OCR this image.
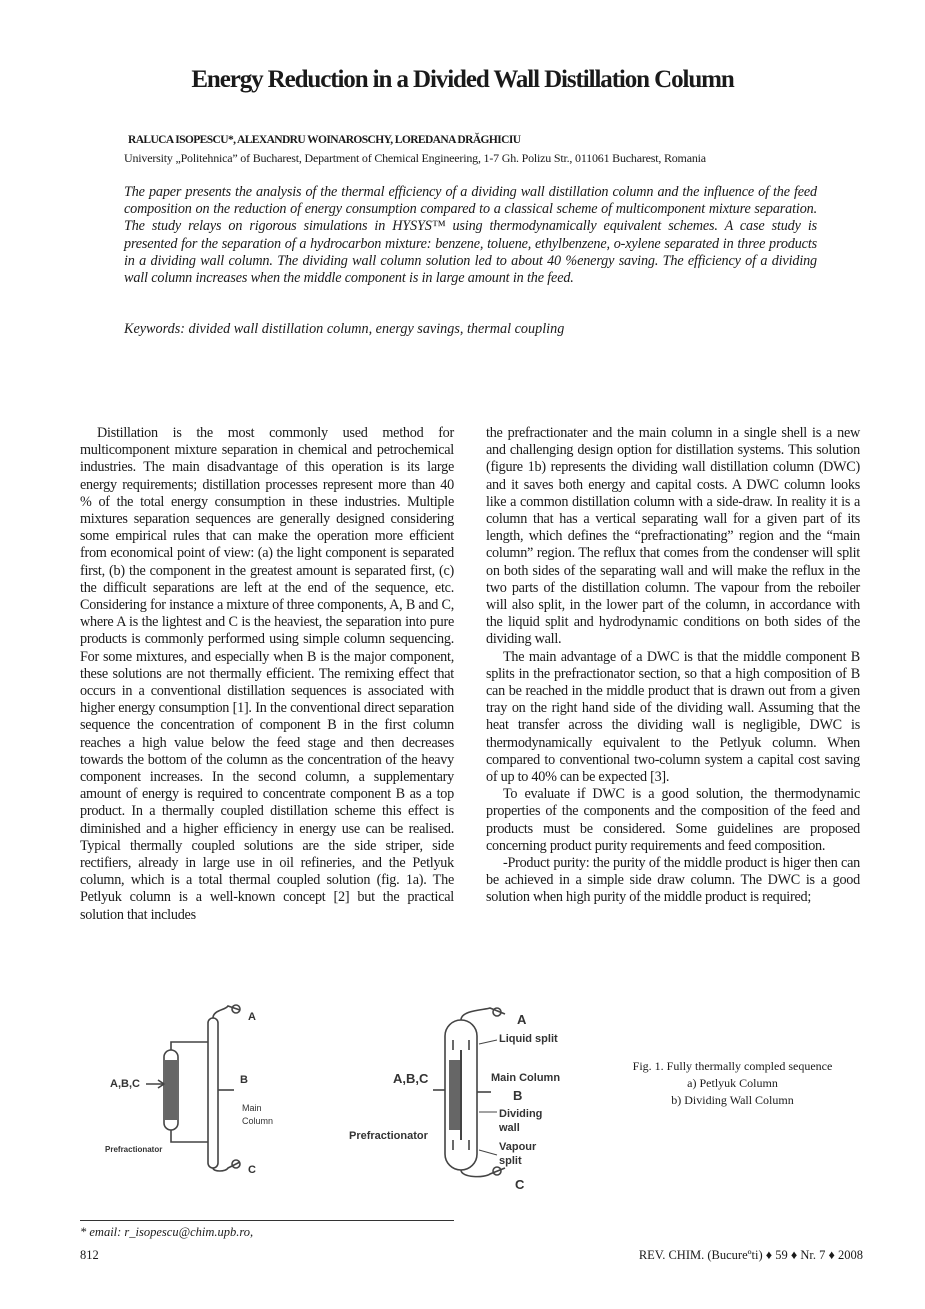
Energy Reduction in a Divided Wall Distillation Column
RALUCA ISOPESCU*, ALEXANDRU WOINAROSCHY, LOREDANA DRĂGHICIU
University „Politehnica” of Bucharest, Department of Chemical Engineering, 1-7 Gh. Polizu Str., 011061 Bucharest, Romania

The paper presents the analysis of the thermal efficiency of a dividing wall distillation column and the influence of the feed composition on the reduction of energy consumption compared to a classical scheme of multicomponent mixture separation. The study relays on rigorous simulations in HYSYS™ using thermodynamically equivalent schemes. A case study is presented for the separation of a hydrocarbon mixture: benzene, toluene, ethylbenzene, o-xylene separated in three products in a dividing wall column. The dividing wall column solution led to about 40 %energy saving. The efficiency of a dividing wall column increases when the middle component is in large amount in the feed.

Keywords: divided wall distillation column, energy savings, thermal coupling

Distillation is the most commonly used method for multicomponent mixture separation in chemical and petrochemical industries. The main disadvantage of this operation is its large energy requirements; distillation processes represent more than 40 % of the total energy consumption in these industries. Multiple mixtures separation sequences are generally designed considering some empirical rules that can make the operation more efficient from economical point of view: (a) the light component is separated first, (b) the component in the greatest amount is separated first, (c) the difficult separations are left at the end of the sequence, etc. Considering for instance a mixture of three components, A, B and C, where A is the lightest and C is the heaviest, the separation into pure products is commonly performed using simple column sequencing. For some mixtures, and especially when B is the major component, these solutions are not thermally efficient. The remixing effect that occurs in a conventional distillation sequences is associated with higher energy consumption [1]. In the conventional direct separation sequence the concentration of component B in the first column reaches a high value below the feed stage and then decreases towards the bottom of the column as the concentration of the heavy component increases. In the second column, a supplementary amount of energy is required to concentrate component B as a top product. In a thermally coupled distillation scheme this effect is diminished and a higher efficiency in energy use can be realised. Typical thermally coupled solutions are the side striper, side rectifiers, already in large use in oil refineries, and the Petlyuk column, which is a total thermal coupled solution (fig. 1a). The Petlyuk column is a well-known concept [2] but the practical solution that includes

the prefractionater and the main column in a single shell is a new and challenging design option for distillation systems. This solution (figure 1b) represents the dividing wall distillation column (DWC) and it saves both energy and capital costs. A DWC column looks like a common distillation column with a side-draw. In reality it is a column that has a vertical separating wall for a given part of its length, which defines the “prefractionating” region and the “main column” region. The reflux that comes from the condenser will split on both sides of the separating wall and will make the reflux in the two parts of the distillation column. The vapour from the reboiler will also split, in the lower part of the column, in accordance with the liquid split and hydrodynamic conditions on both sides of the dividing wall.

The main advantage of a DWC is that the middle component B splits in the prefractionator section, so that a high composition of B can be reached in the middle product that is drawn out from a given tray on the right hand side of the dividing wall. Assuming that the heat transfer across the dividing wall is negligible, DWC is thermodynamically equivalent to the Petlyuk column. When compared to conventional two-column system a capital cost saving of up to 40% can be expected [3].

To evaluate if DWC is a good solution, the thermodynamic properties of the components and the composition of the feed and products must be considered. Some guidelines are proposed concerning product purity requirements and feed composition.

-Product purity: the purity of the middle product is higer then can be achieved in a simple side draw column. The DWC is a good solution when high purity of the middle product is required;

A,B,C
A
B
Main
Column
Prefractionator
C
A,B,C
A
Liquid split
Main Column
B
Dividing
wall
Prefractionator
Vapour
split
C
Fig. 1. Fully thermally compled sequence
a) Petlyuk Column
b) Dividing Wall Column
* email: r_isopescu@chim.upb.ro,
812	REV. CHIM. (Bucureºti) ♦ 59 ♦ Nr. 7 ♦ 2008
